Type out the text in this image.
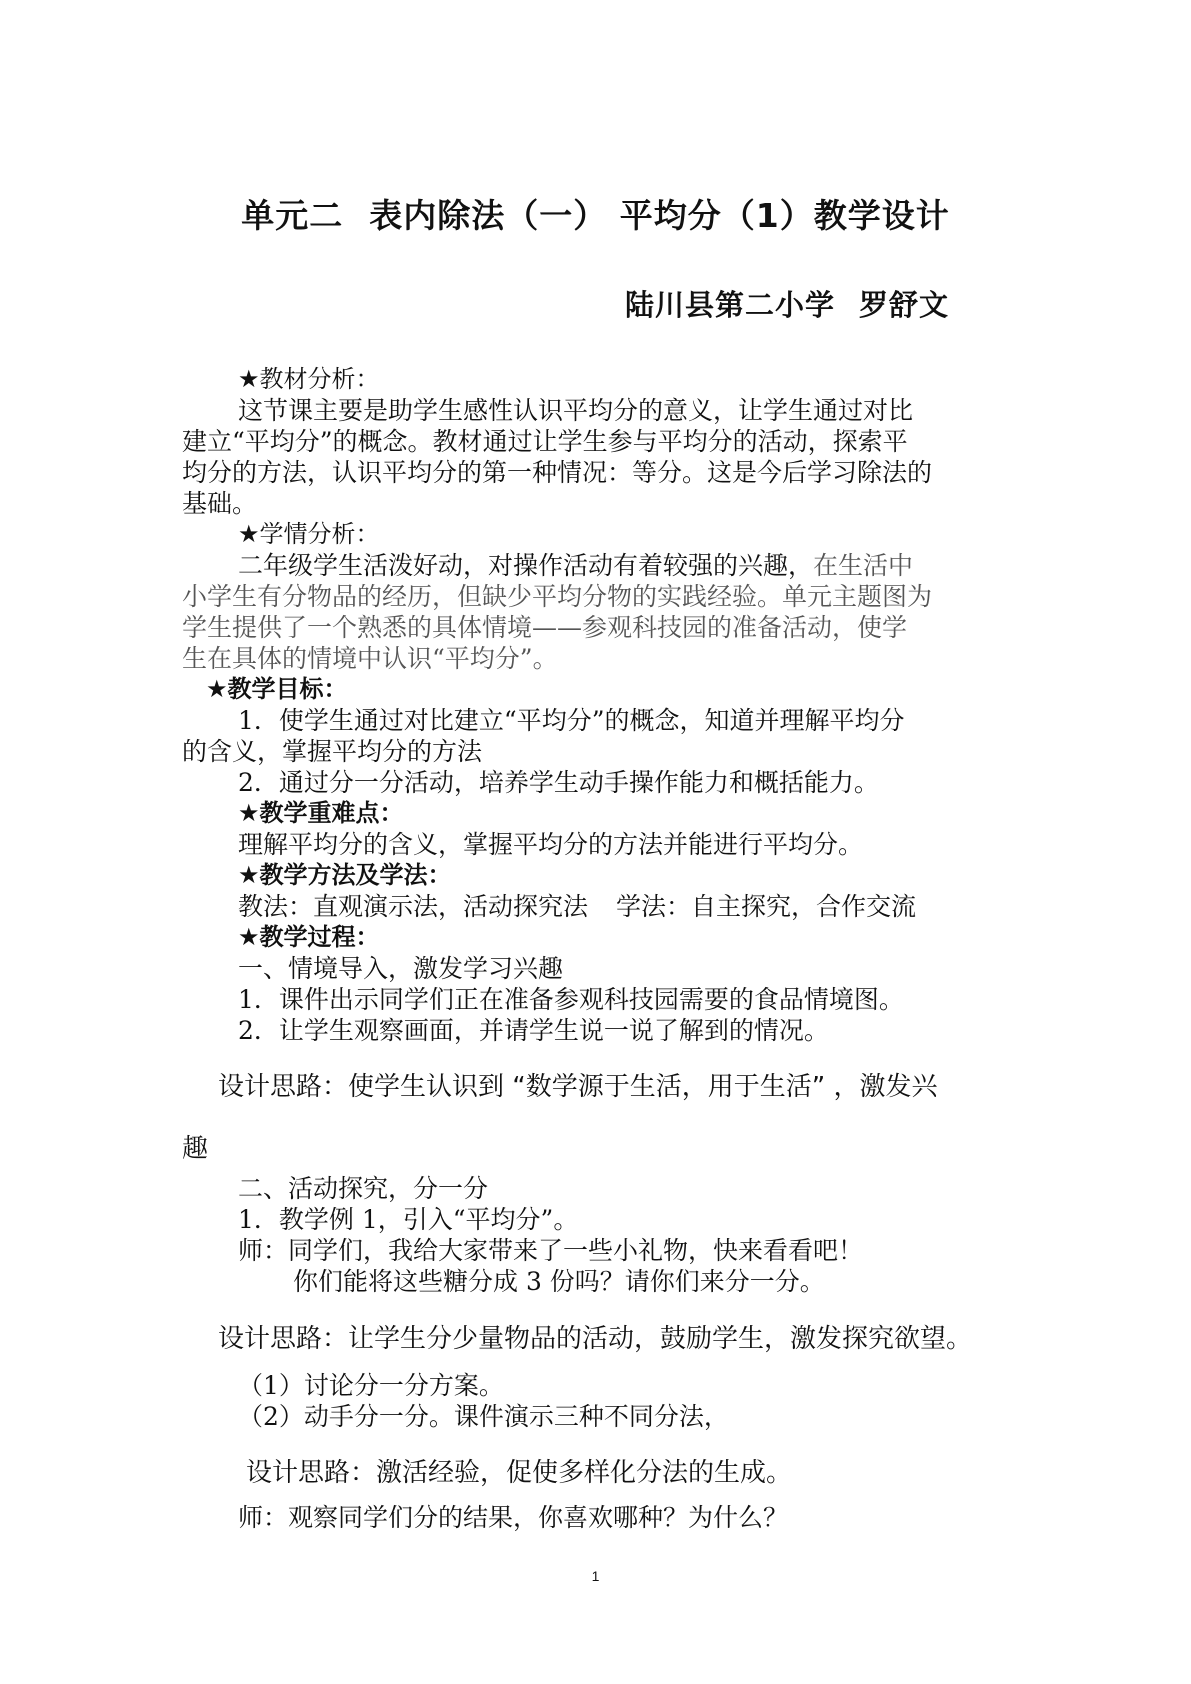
单元二 表内除法（一） 平均分（1）教学设计
陆川县第二小学 罗舒文
★教材分析：
这节课主要是助学生感性认识平均分的意义，让学生通过对比
建立“平均分”的概念。教材通过让学生参与平均分的活动，探索平
均分的方法，认识平均分的第一种情况：等分。这是今后学习除法的
基础。
★学情分析：
二年级学生活泼好动，对操作活动有着较强的兴趣，在生活中
小学生有分物品的经历，但缺少平均分物的实践经验。单元主题图为
学生提供了一个熟悉的具体情境——参观科技园的准备活动，使学
生在具体的情境中认识“平均分”。
★教学目标：
1．使学生通过对比建立“平均分”的概念，知道并理解平均分
的含义，掌握平均分的方法
2．通过分一分活动，培养学生动手操作能力和概括能力。
★教学重难点：
理解平均分的含义，掌握平均分的方法并能进行平均分。
★教学方法及学法：
教法：直观演示法，活动探究法 学法：自主探究，合作交流
★教学过程：
一、情境导入，激发学习兴趣
1．课件出示同学们正在准备参观科技园需要的食品情境图。
2．让学生观察画面，并请学生说一说了解到的情况。
设计思路：使学生认识到 “数学源于生活，用于生活” ，激发兴
趣
二、活动探究，分一分
1．教学例 1，引入“平均分”。
师：同学们，我给大家带来了一些小礼物，快来看看吧！
你们能将这些糖分成 3 份吗？请你们来分一分。
设计思路：让学生分少量物品的活动，鼓励学生，激发探究欲望。
（1）讨论分一分方案。
（2）动手分一分。课件演示三种不同分法，
设计思路：激活经验，促使多样化分法的生成。
师：观察同学们分的结果，你喜欢哪种？为什么？
1
